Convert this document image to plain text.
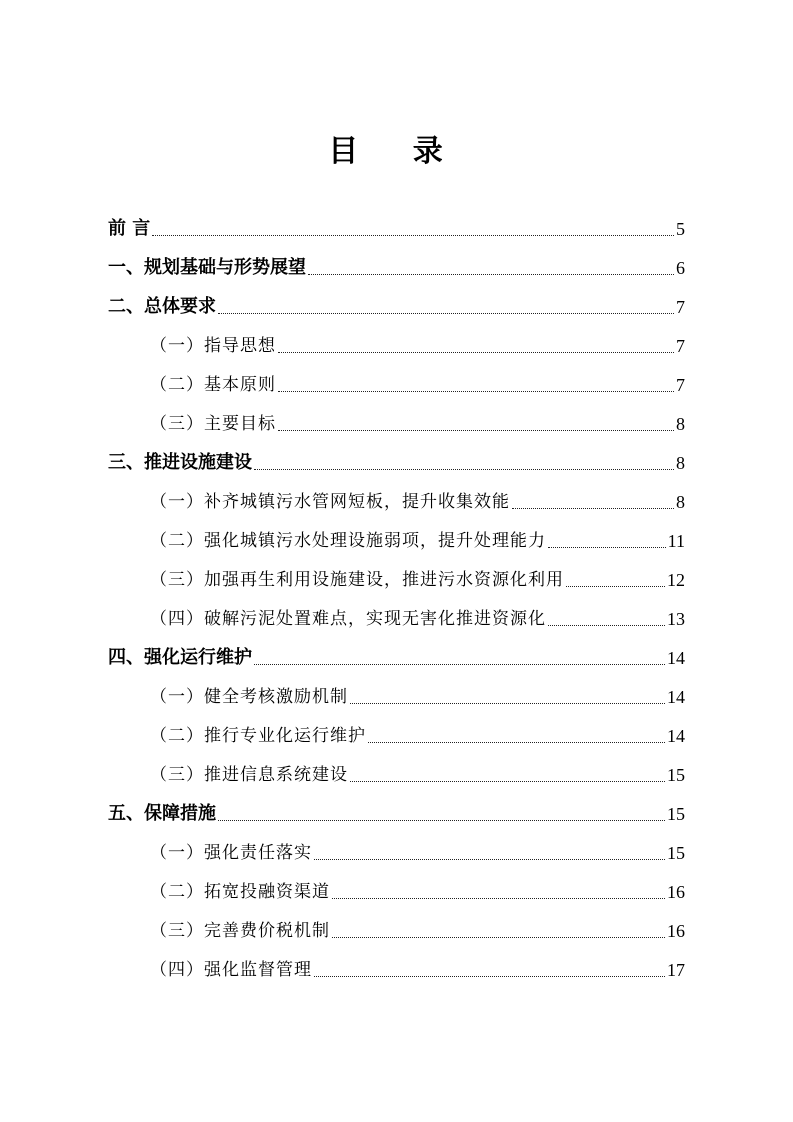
目 录
前 言	5
一、规划基础与形势展望	6
二、总体要求	7
（一）指导思想	7
（二）基本原则	7
（三）主要目标	8
三、推进设施建设	8
（一）补齐城镇污水管网短板，提升收集效能	8
（二）强化城镇污水处理设施弱项，提升处理能力	11
（三）加强再生利用设施建设，推进污水资源化利用	12
（四）破解污泥处置难点，实现无害化推进资源化	13
四、强化运行维护	14
（一）健全考核激励机制	14
（二）推行专业化运行维护	14
（三）推进信息系统建设	15
五、保障措施	15
（一）强化责任落实	15
（二）拓宽投融资渠道	16
（三）完善费价税机制	16
（四）强化监督管理	17
